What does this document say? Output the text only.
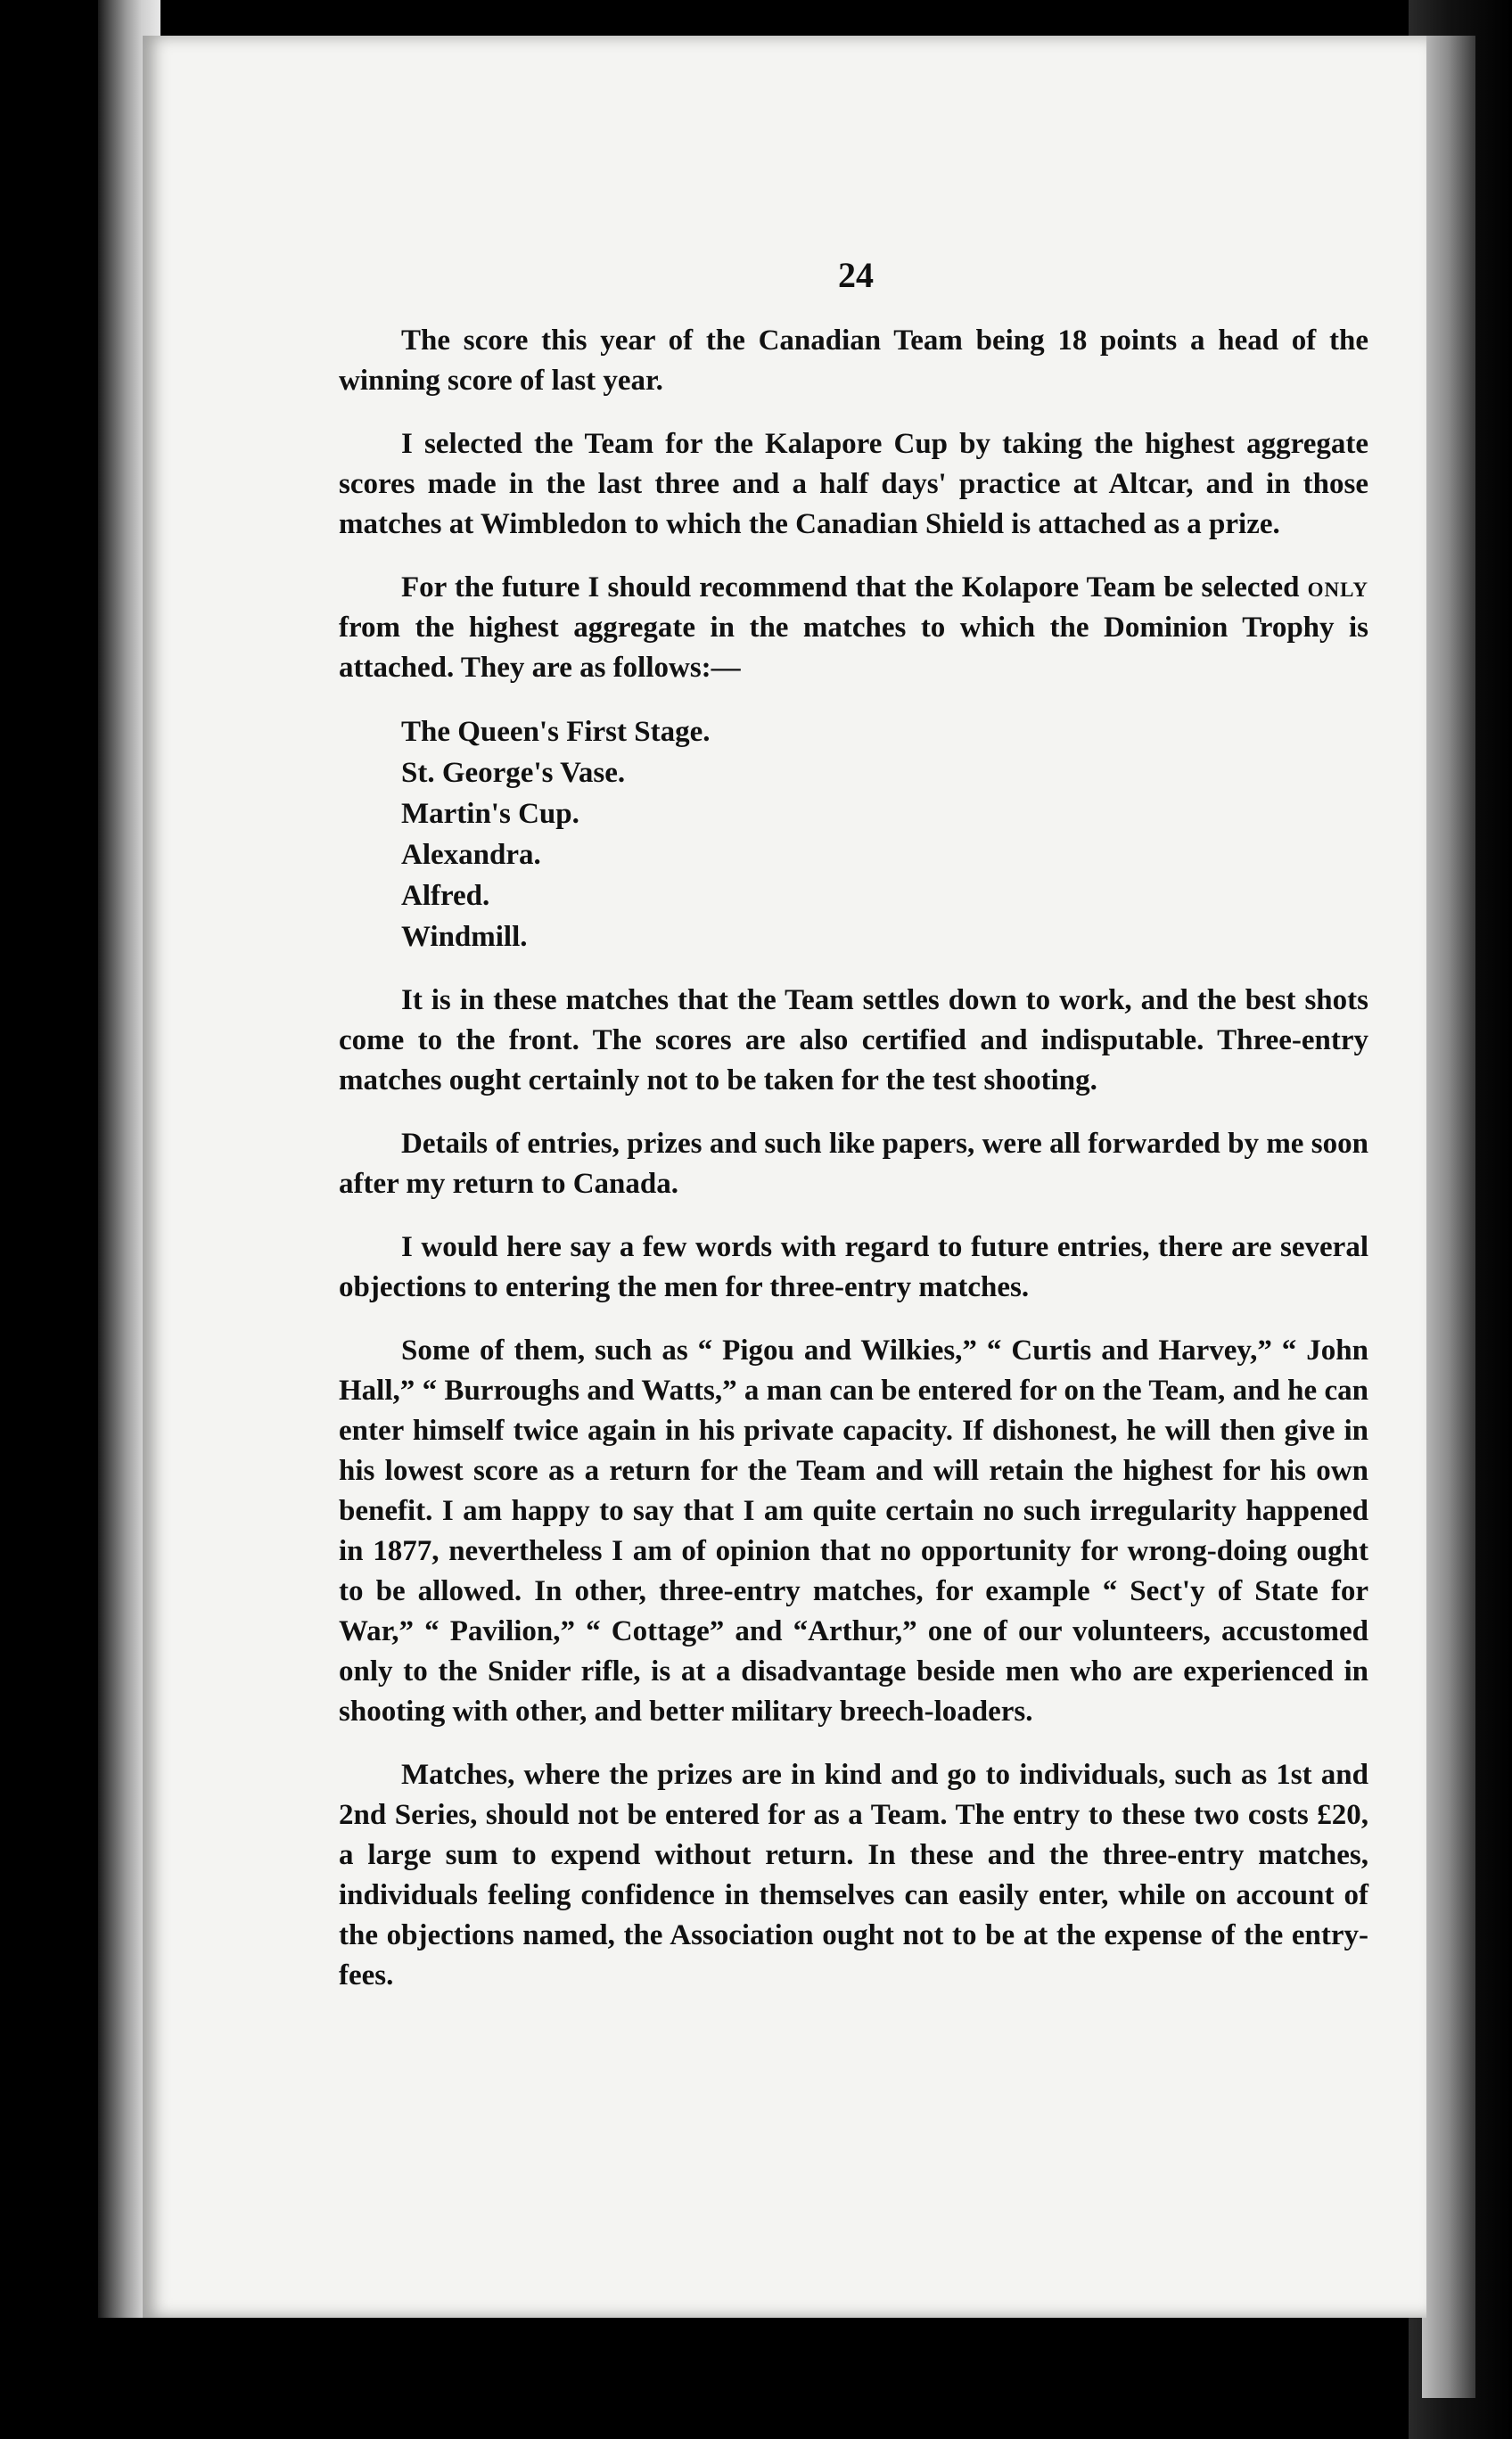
24

The score this year of the Canadian Team being 18 points a head of the winning score of last year.

I selected the Team for the Kalapore Cup by taking the highest aggregate scores made in the last three and a half days' practice at Altcar, and in those matches at Wimbledon to which the Canadian Shield is attached as a prize.

For the future I should recommend that the Kolapore Team be selected only from the highest aggregate in the matches to which the Dominion Trophy is attached. They are as follows:—

The Queen's First Stage.
St. George's Vase.
Martin's Cup.
Alexandra.
Alfred.
Windmill.

It is in these matches that the Team settles down to work, and the best shots come to the front. The scores are also certified and indisputable. Three-entry matches ought certainly not to be taken for the test shooting.

Details of entries, prizes and such like papers, were all forwarded by me soon after my return to Canada.

I would here say a few words with regard to future entries, there are several objections to entering the men for three-entry matches.

Some of them, such as “ Pigou and Wilkies,” “ Curtis and Harvey,” “ John Hall,” “ Burroughs and Watts,” a man can be entered for on the Team, and he can enter himself twice again in his private capacity. If dishonest, he will then give in his lowest score as a return for the Team and will retain the highest for his own benefit. I am happy to say that I am quite certain no such irregularity happened in 1877, nevertheless I am of opinion that no opportunity for wrong-doing ought to be allowed. In other, three-entry matches, for example “ Sect'y of State for War,” “ Pavilion,” “ Cottage” and “Arthur,” one of our volunteers, accustomed only to the Snider rifle, is at a disadvantage beside men who are experienced in shooting with other, and better military breech-loaders.

Matches, where the prizes are in kind and go to individuals, such as 1st and 2nd Series, should not be entered for as a Team. The entry to these two costs £20, a large sum to expend without return. In these and the three-entry matches, individuals feeling confidence in themselves can easily enter, while on account of the objections named, the Association ought not to be at the expense of the entry-fees.
